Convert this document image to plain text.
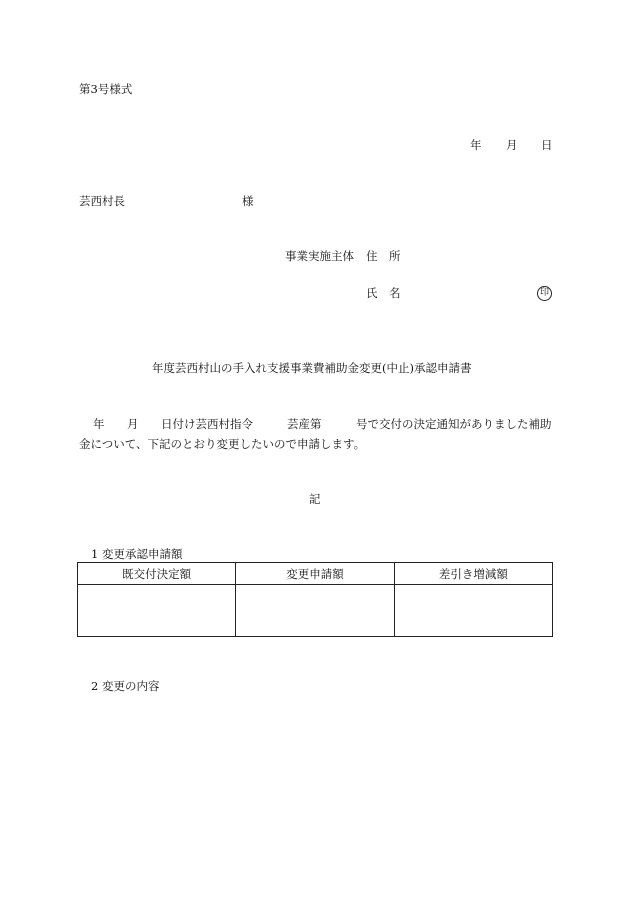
第3号様式
年 月 日
芸西村長	様
事業実施主体 住　所
氏　名	印
年度芸西村山の手入れ支援事業費補助金変更(中止)承認申請書
年 月 日付け芸西村指令	芸産第	号で交付の決定通知がありました補助
金について、下記のとおり変更したいので申請します。
記
1 変更承認申請額
既交付決定額	変更申請額	差引き増減額

2 変更の内容
